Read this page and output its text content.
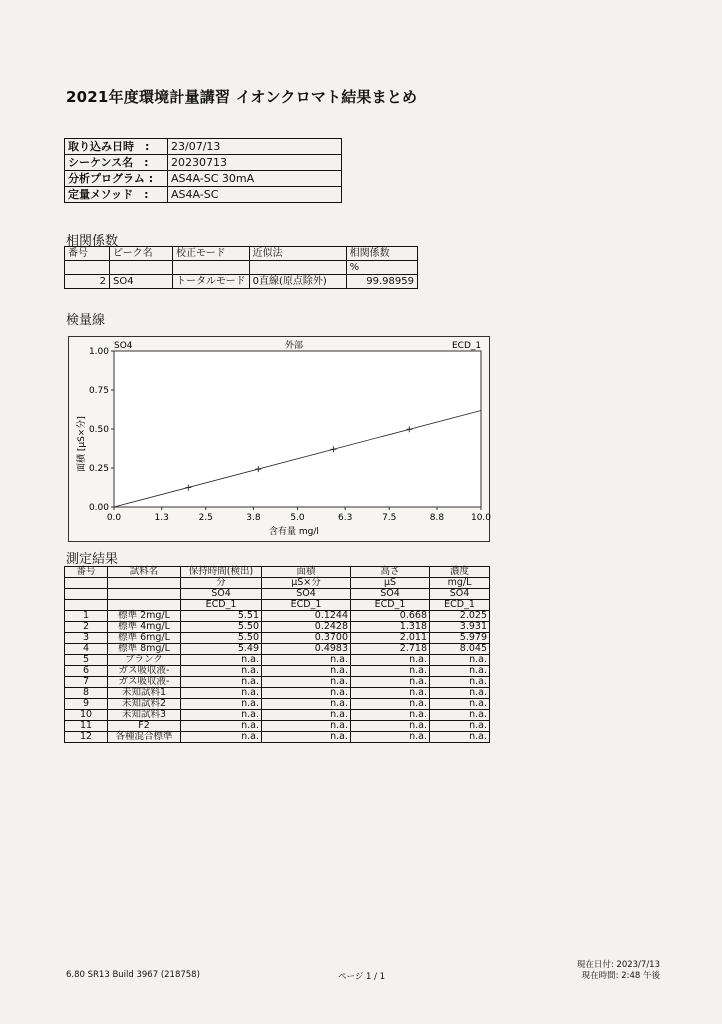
2021年度環境計量講習 イオンクロマト結果まとめ
取り込み日時　:	23/07/13
シーケンス名　:	20230713
分析プログラム :	AS4A-SC 30mA
定量メソッド　:	AS4A-SC
相関係数
番号	ピーク名	校正モード	近似法	相関係数
				%
2	SO4	トータルモード	0直線(原点除外)	99.98959
検量線
SO4	外部	ECD_1
面積 [μS×分]
含有量 mg/l
0.0	1.3	2.5	3.8	5.0	6.3	7.5	8.8	10.0
0.00
0.25
0.50
0.75
1.00
測定結果
番号	試料名	保持時間(検出)	面積	高さ	濃度
		分	μS×分	μS	mg/L
		SO4	SO4	SO4	SO4
		ECD_1	ECD_1	ECD_1	ECD_1
1	標準 2mg/L	5.51	0.1244	0.668	2.025
2	標準 4mg/L	5.50	0.2428	1.318	3.931
3	標準 6mg/L	5.50	0.3700	2.011	5.979
4	標準 8mg/L	5.49	0.4983	2.718	8.045
5	ブランク	n.a.	n.a.	n.a.	n.a.
6	ガス吸収液-	n.a.	n.a.	n.a.	n.a.
7	ガス吸収液-	n.a.	n.a.	n.a.	n.a.
8	未知試料1	n.a.	n.a.	n.a.	n.a.
9	未知試料2	n.a.	n.a.	n.a.	n.a.
10	未知試料3	n.a.	n.a.	n.a.	n.a.
11	F2	n.a.	n.a.	n.a.	n.a.
12	各種混合標準	n.a.	n.a.	n.a.	n.a.
6.80 SR13 Build 3967 (218758)	ページ 1 / 1
現在日付: 2023/7/13
現在時間: 2:48 午後
